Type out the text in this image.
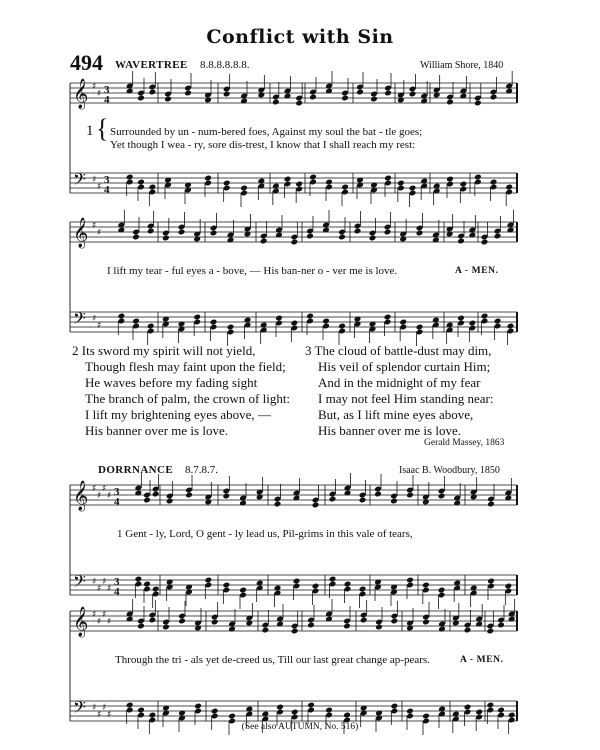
Conflict with Sin
494 WAVERTREE 8.8.8.8.8.8.	William Shore, 1840
𝄞
𝄢
♯
♯
♯
♯
3
4
3
4
𝄞
𝄢
♯
♯
♯
♯
𝄞
𝄢
♯
♯
♯
♯
♯
♯
♯
♯
3
4
3
4
𝄞
𝄢
♯
♯
♯
♯
♯
♯
♯
♯
1 { Surrounded by un - num-bered foes, Against my soul the bat - tle goes;
Yet though I wea - ry, sore dis-trest, I know that I shall reach my rest:
I lift my tear - ful eyes a - bove, — His ban-ner o - ver me is love.	A - MEN.
2 Its sword my spirit will not yield,
Though flesh may faint upon the field;
He waves before my fading sight
The branch of palm, the crown of light:
I lift my brightening eyes above, —
His banner over me is love.
3 The cloud of battle-dust may dim,
His veil of splendor curtain Him;
And in the midnight of my fear
I may not feel Him standing near:
But, as I lift mine eyes above,
His banner over me is love.
Gerald Massey, 1863
DORRNANCE 8.7.8.7.	Isaac B. Woodbury, 1850
1 Gent - ly, Lord, O gent - ly lead us, Pil-grims in this vale of tears,
Through the tri - als yet de-creed us, Till our last great change ap-pears.	A - MEN.
(See also AUTUMN, No. 516)
